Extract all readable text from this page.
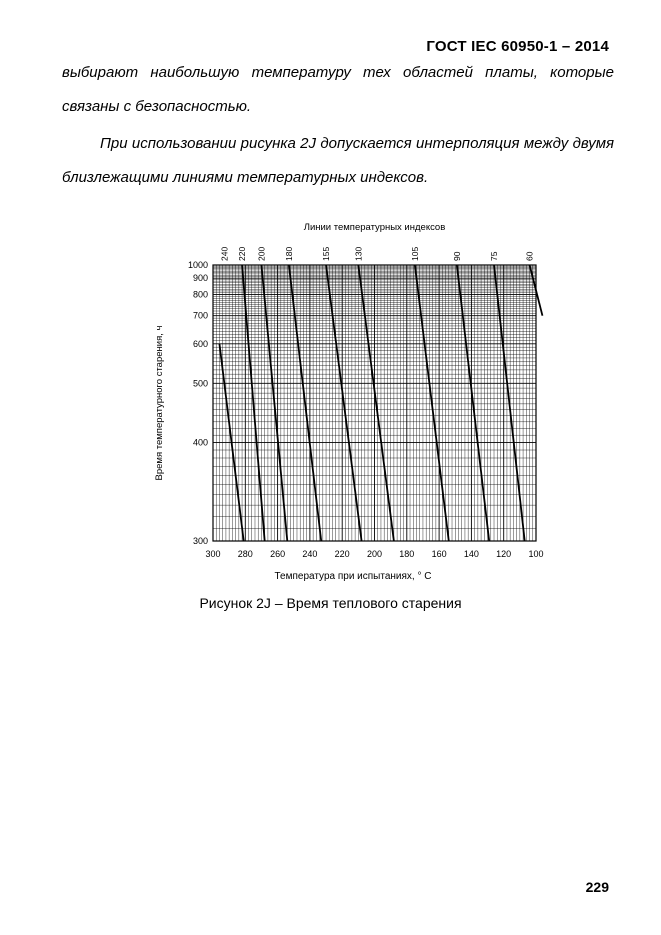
ГОСТ IEC 60950-1 – 2014
выбирают наибольшую температуру тех областей платы, которые связаны с безопасностью.
При использовании рисунка 2J допускается интерполяция между двумя близлежащими линиями температурных индексов.
240 220 200 180	155	130	105	90	75	60
300 280 260 240 220 200 180 160 140 120 100
300
400
500
600
700
800
900
1000
Линии температурных индексов
Температура при испытаниях, ° С
Время температурного старения, ч
Рисунок 2J – Время теплового старения
229
